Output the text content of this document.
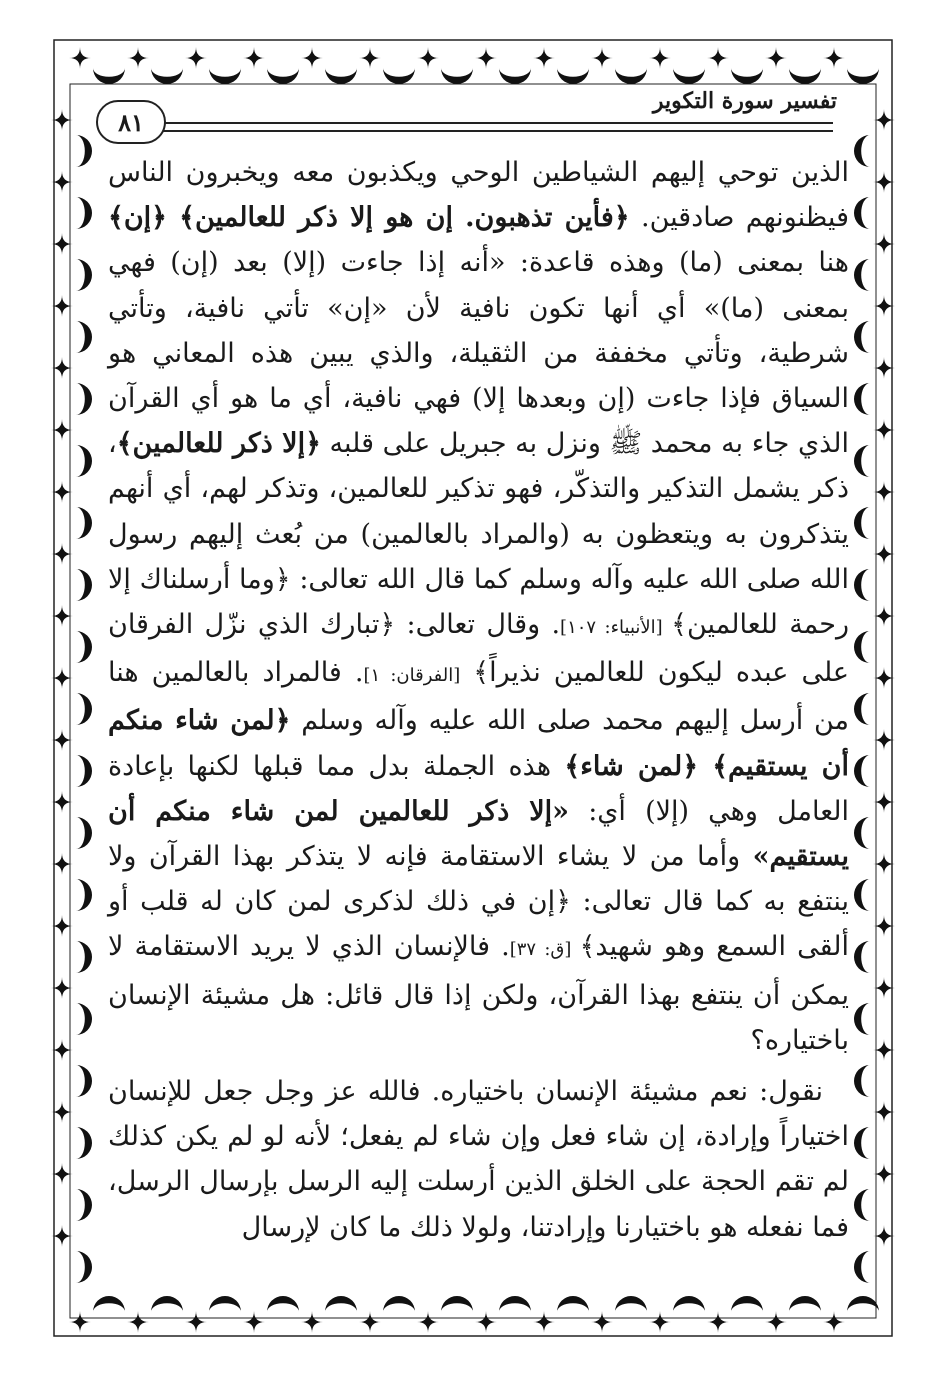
تفسير سورة التكوير
٨١

الذين توحي إليهم الشياطين الوحي ويكذبون معه ويخبرون الناس فيظنونهم صادقين. ﴿فأين تذهبون. إن هو إلا ذكر للعالمين﴾ ﴿إن﴾ هنا بمعنى (ما) وهذه قاعدة: «أنه إذا جاءت (إلا) بعد (إن) فهي بمعنى (ما)» أي أنها تكون نافية لأن «إن» تأتي نافية، وتأتي شرطية، وتأتي مخففة من الثقيلة، والذي يبين هذه المعاني هو السياق فإذا جاءت (إن وبعدها إلا) فهي نافية، أي ما هو أي القرآن الذي جاء به محمد ﷺ ونزل به جبريل على قلبه ﴿إلا ذكر للعالمين﴾، ذكر يشمل التذكير والتذكّر، فهو تذكير للعالمين، وتذكر لهم، أي أنهم يتذكرون به ويتعظون به (والمراد بالعالمين) من بُعث إليهم رسول الله صلى الله عليه وآله وسلم كما قال الله تعالى: ﴿وما أرسلناك إلا رحمة للعالمين﴾ [الأنبياء: ١٠٧]. وقال تعالى: ﴿تبارك الذي نزّل الفرقان على عبده ليكون للعالمين نذيراً﴾ [الفرقان: ١]. فالمراد بالعالمين هنا من أرسل إليهم محمد صلى الله عليه وآله وسلم ﴿لمن شاء منكم أن يستقيم﴾ ﴿لمن شاء﴾ هذه الجملة بدل مما قبلها لكنها بإعادة العامل وهي (إلا) أي: «إلا ذكر للعالمين لمن شاء منكم أن يستقيم» وأما من لا يشاء الاستقامة فإنه لا يتذكر بهذا القرآن ولا ينتفع به كما قال تعالى: ﴿إن في ذلك لذكرى لمن كان له قلب أو ألقى السمع وهو شهيد﴾ [ق: ٣٧]. فالإنسان الذي لا يريد الاستقامة لا يمكن أن ينتفع بهذا القرآن، ولكن إذا قال قائل: هل مشيئة الإنسان باختياره؟

نقول: نعم مشيئة الإنسان باختياره. فالله عز وجل جعل للإنسان اختياراً وإرادة، إن شاء فعل وإن شاء لم يفعل؛ لأنه لو لم يكن كذلك لم تقم الحجة على الخلق الذين أرسلت إليه الرسل بإرسال الرسل، فما نفعله هو باختيارنا وإرادتنا، ولولا ذلك ما كان لإرسال
